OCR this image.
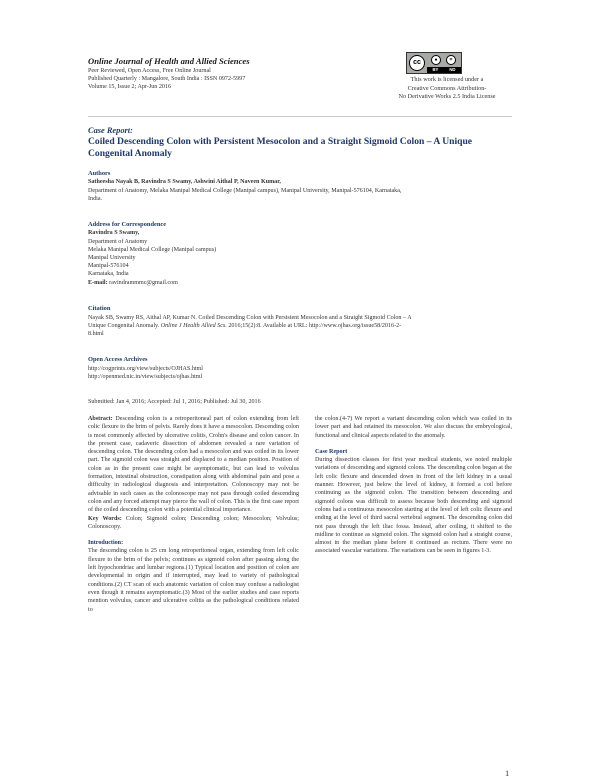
Online Journal of Health and Allied Sciences
Peer Reviewed, Open Access, Free Online Journal
Published Quarterly : Mangalore, South India : ISSN 0972-5997
Volume 15, Issue 2; Apr-Jun 2016
cc	●	=
BY	ND
This work is licensed under a
Creative Commons Attribution-
No Derivative Works 2.5 India License
Case Report:
Coiled Descending Colon with Persistent Mesocolon and a Straight Sigmoid Colon – A Unique Congenital Anomaly
Authors
Satheesha Nayak B, Ravindra S Swamy, Ashwini Aithal P, Naveen Kumar,
Department of Anatomy, Melaka Manipal Medical College (Manipal campus), Manipal University, Manipal-576104, Karnataka,
India.
Address for Correspondence
Ravindra S Swamy,
Department of Anatomy
Melaka Manipal Medical College (Manipal campus)
Manipal University
Manipal-576104
Karnataka, India
E-mail: ravindrammmc@gmail.com
Citation
Nayak SB, Swamy RS, Aithal AP, Kumar N. Coiled Descending Colon with Persistent Mesocolon and a Straight Sigmoid Colon – A
Unique Congenital Anomaly. Online J Health Allied Scs. 2016;15(2):8. Available at URL: http://www.ojhas.org/issue58/2016-2-
8.html
Open Access Archives
http://cogprints.org/view/subjects/OJHAS.html
http://openmed.nic.in/view/subjects/ojhas.html
Submitted: Jan 4, 2016; Accepted: Jul 1, 2016; Published: Jul 30, 2016

Abstract: Descending colon is a retroperitoneal part of colon extending from left colic flexure to the brim of pelvis. Rarely does it have a mesocolon. Descending colon is most commonly affected by ulcerative colitis, Crohn's disease and colon cancer. In the present case, cadaveric dissection of abdomen revealed a rare variation of descending colon. The descending colon had a mesocolon and was coiled in its lower part. The sigmoid colon was straight and displaced to a median position. Position of colon as in the present case might be asymptomatic, but can lead to volvulus formation, intestinal obstruction, constipation along with abdominal pain and pose a difficulty in radiological diagnosis and interpretation. Colonoscopy may not be advisable in such cases as the colonoscope may not pass through coiled descending colon and any forced attempt may pierce the wall of colon. This is the first case report of the coiled descending colon with a potential clinical importance.

Key Words: Colon; Sigmoid colon; Descending colon; Mesocolon; Volvulus; Colonoscopy.

Introduction:

The descending colon is 25 cm long retroperitoneal organ, extending from left colic flexure to the brim of the pelvis; continues as sigmoid colon after passing along the left hypochondriac and lumbar regions.(1) Typical location and position of colon are developmental in origin and if interrupted, may lead to variety of pathological conditions.(2) CT scan of such anatomic variation of colon may confuse a radiologist even though it remains asymptomatic.(3) Most of the earlier studies and case reports mention volvulus, cancer and ulcerative colitis as the pathological conditions related to

the colon.(4-7) We report a variant descending colon which was coiled in its lower part and had retained its mesocolon. We also discuss the embryological, functional and clinical aspects related to the anomaly.

Case Report

During dissection classes for first year medical students, we noted multiple variations of descending and sigmoid colons. The descending colon began at the left colic flexure and descended down in front of the left kidney in a usual manner. However, just below the level of kidney, it formed a coil before continuing as the sigmoid colon. The transition between descending and sigmoid colons was difficult to assess because both descending and sigmoid colons had a continuous mesocolon starting at the level of left colic flexure and ending at the level of third sacral vertebral segment. The descending colon did not pass through the left iliac fossa. Instead, after coiling, it shifted to the midline to continue as sigmoid colon. The sigmoid colon had a straight course, almost in the median plane before it continued as rectum. There were no associated vascular variations. The variations can be seen in figures 1-3.

1
